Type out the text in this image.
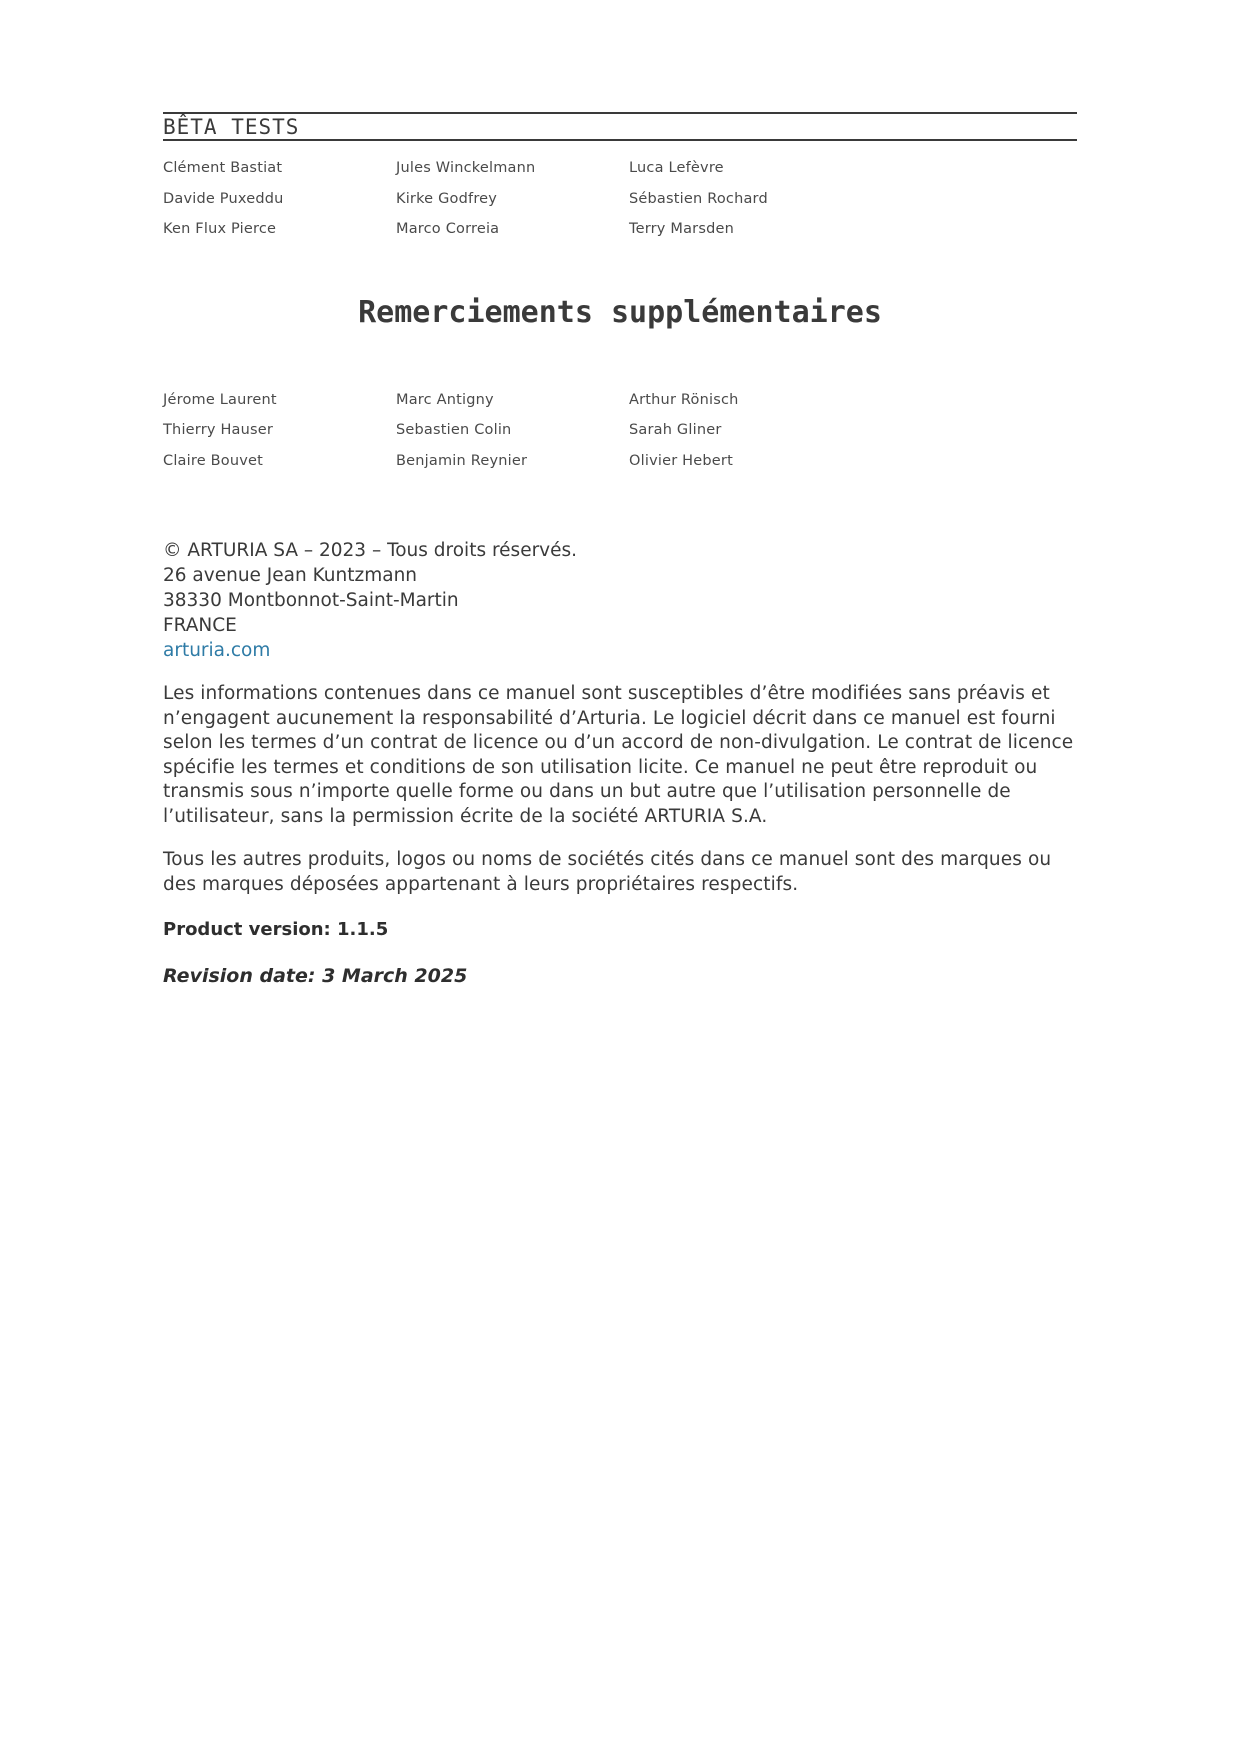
BÊTA TESTS
Clément Bastiat	Jules Winckelmann	Luca Lefèvre
Davide Puxeddu	Kirke Godfrey	Sébastien Rochard
Ken Flux Pierce	Marco Correia	Terry Marsden
Remerciements supplémentaires
Jérome Laurent	Marc Antigny	Arthur Rönisch
Thierry Hauser	Sebastien Colin	Sarah Gliner
Claire Bouvet	Benjamin Reynier	Olivier Hebert
© ARTURIA SA – 2023 – Tous droits réservés.
26 avenue Jean Kuntzmann
38330 Montbonnot-Saint-Martin
FRANCE
arturia.com

Les informations contenues dans ce manuel sont susceptibles d’être modifiées sans préavis et n’engagent aucunement la responsabilité d’Arturia. Le logiciel décrit dans ce manuel est fourni selon les termes d’un contrat de licence ou d’un accord de non-divulgation. Le contrat de licence spécifie les termes et conditions de son utilisation licite. Ce manuel ne peut être reproduit ou transmis sous n’importe quelle forme ou dans un but autre que l’utilisation personnelle de l’utilisateur, sans la permission écrite de la société ARTURIA S.A.

Tous les autres produits, logos ou noms de sociétés cités dans ce manuel sont des marques ou des marques déposées appartenant à leurs propriétaires respectifs.

Product version: 1.1.5
Revision date: 3 March 2025
